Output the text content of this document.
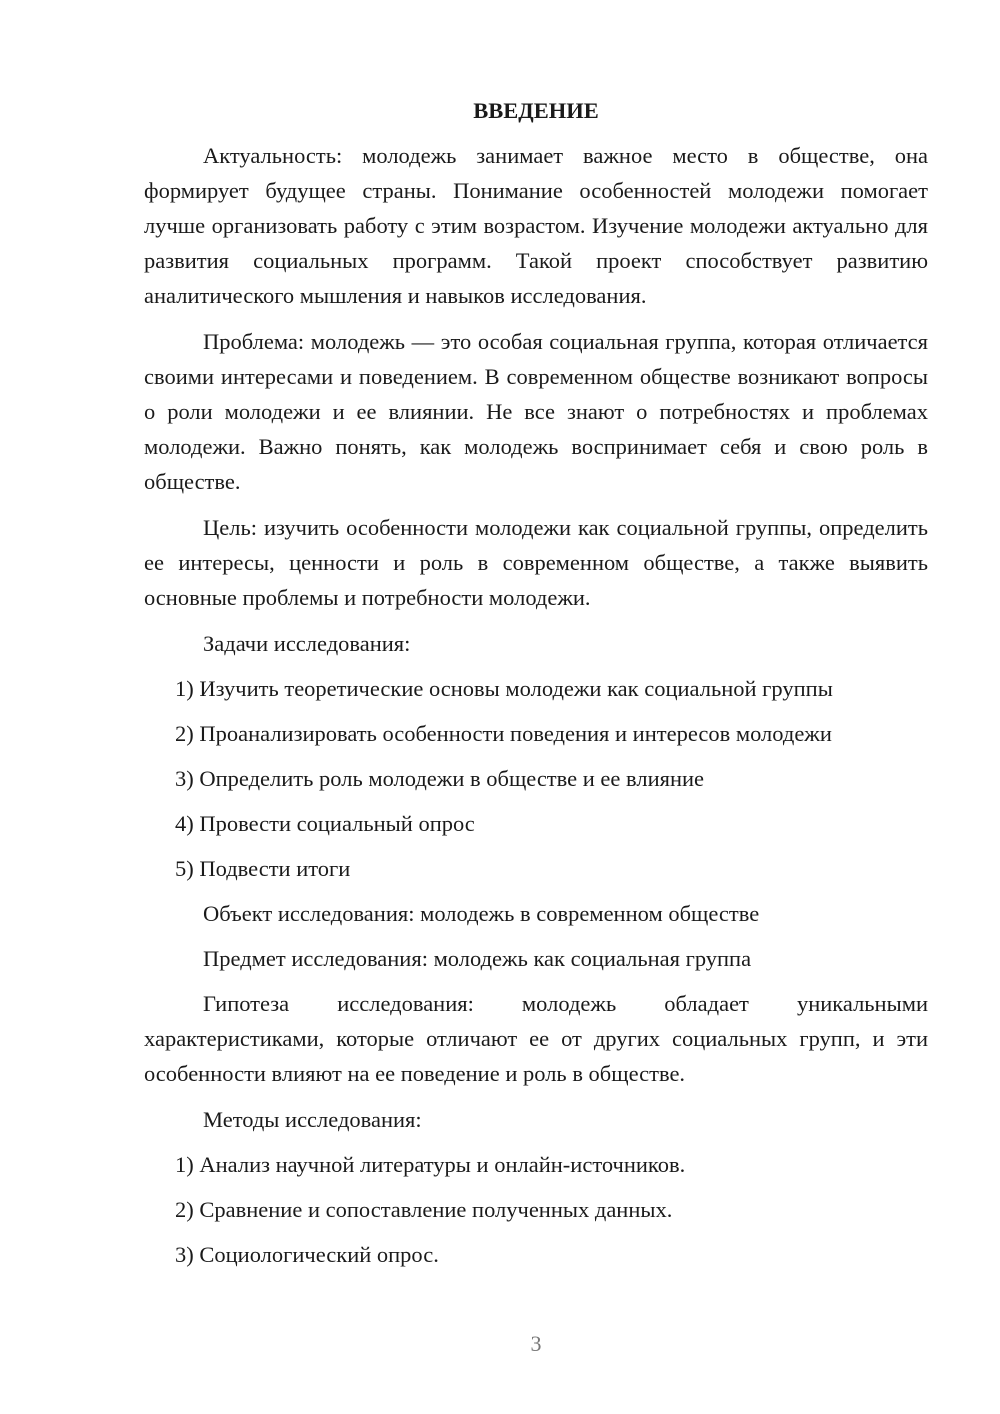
ВВЕДЕНИЕ

Актуальность: молодежь занимает важное место в обществе, она формирует будущее страны. Понимание особенностей молодежи помогает лучше организовать работу с этим возрастом. Изучение молодежи актуально для развития социальных программ. Такой проект способствует развитию аналитического мышления и навыков исследования.

Проблема: молодежь — это особая социальная группа, которая отличается своими интересами и поведением. В современном обществе возникают вопросы о роли молодежи и ее влиянии. Не все знают о потребностях и проблемах молодежи. Важно понять, как молодежь воспринимает себя и свою роль в обществе.

Цель: изучить особенности молодежи как социальной группы, определить ее интересы, ценности и роль в современном обществе, а также выявить основные проблемы и потребности молодежи.

Задачи исследования:
1) Изучить теоретические основы молодежи как социальной группы
2) Проанализировать особенности поведения и интересов молодежи
3) Определить роль молодежи в обществе и ее влияние
4) Провести социальный опрос
5) Подвести итоги
Объект исследования: молодежь в современном обществе
Предмет исследования: молодежь как социальная группа

Гипотеза исследования: молодежь обладает уникальными характеристиками, которые отличают ее от других социальных групп, и эти особенности влияют на ее поведение и роль в обществе.

Методы исследования:
1) Анализ научной литературы и онлайн-источников.
2) Сравнение и сопоставление полученных данных.
3) Социологический опрос.
3
